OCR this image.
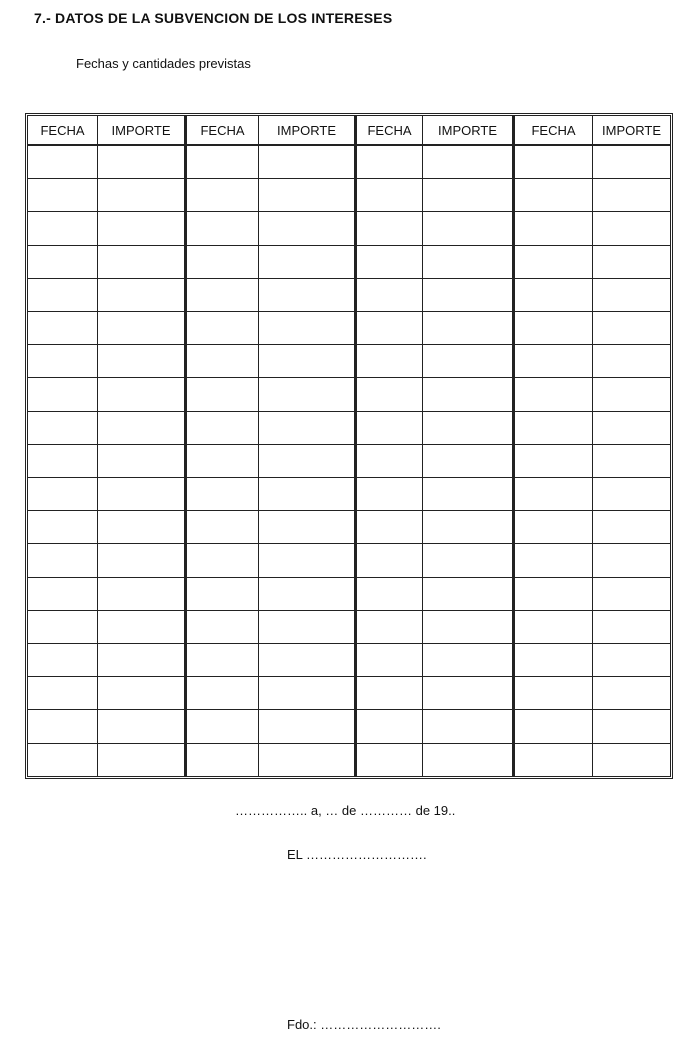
7.- DATOS DE LA SUBVENCION DE LOS INTERESES

Fechas y cantidades previstas

FECHA	IMPORTE	FECHA	IMPORTE	FECHA	IMPORTE	FECHA	IMPORTE

…………….. a, … de ………… de 19..

EL ……………………….

Fdo.: ……………………….
